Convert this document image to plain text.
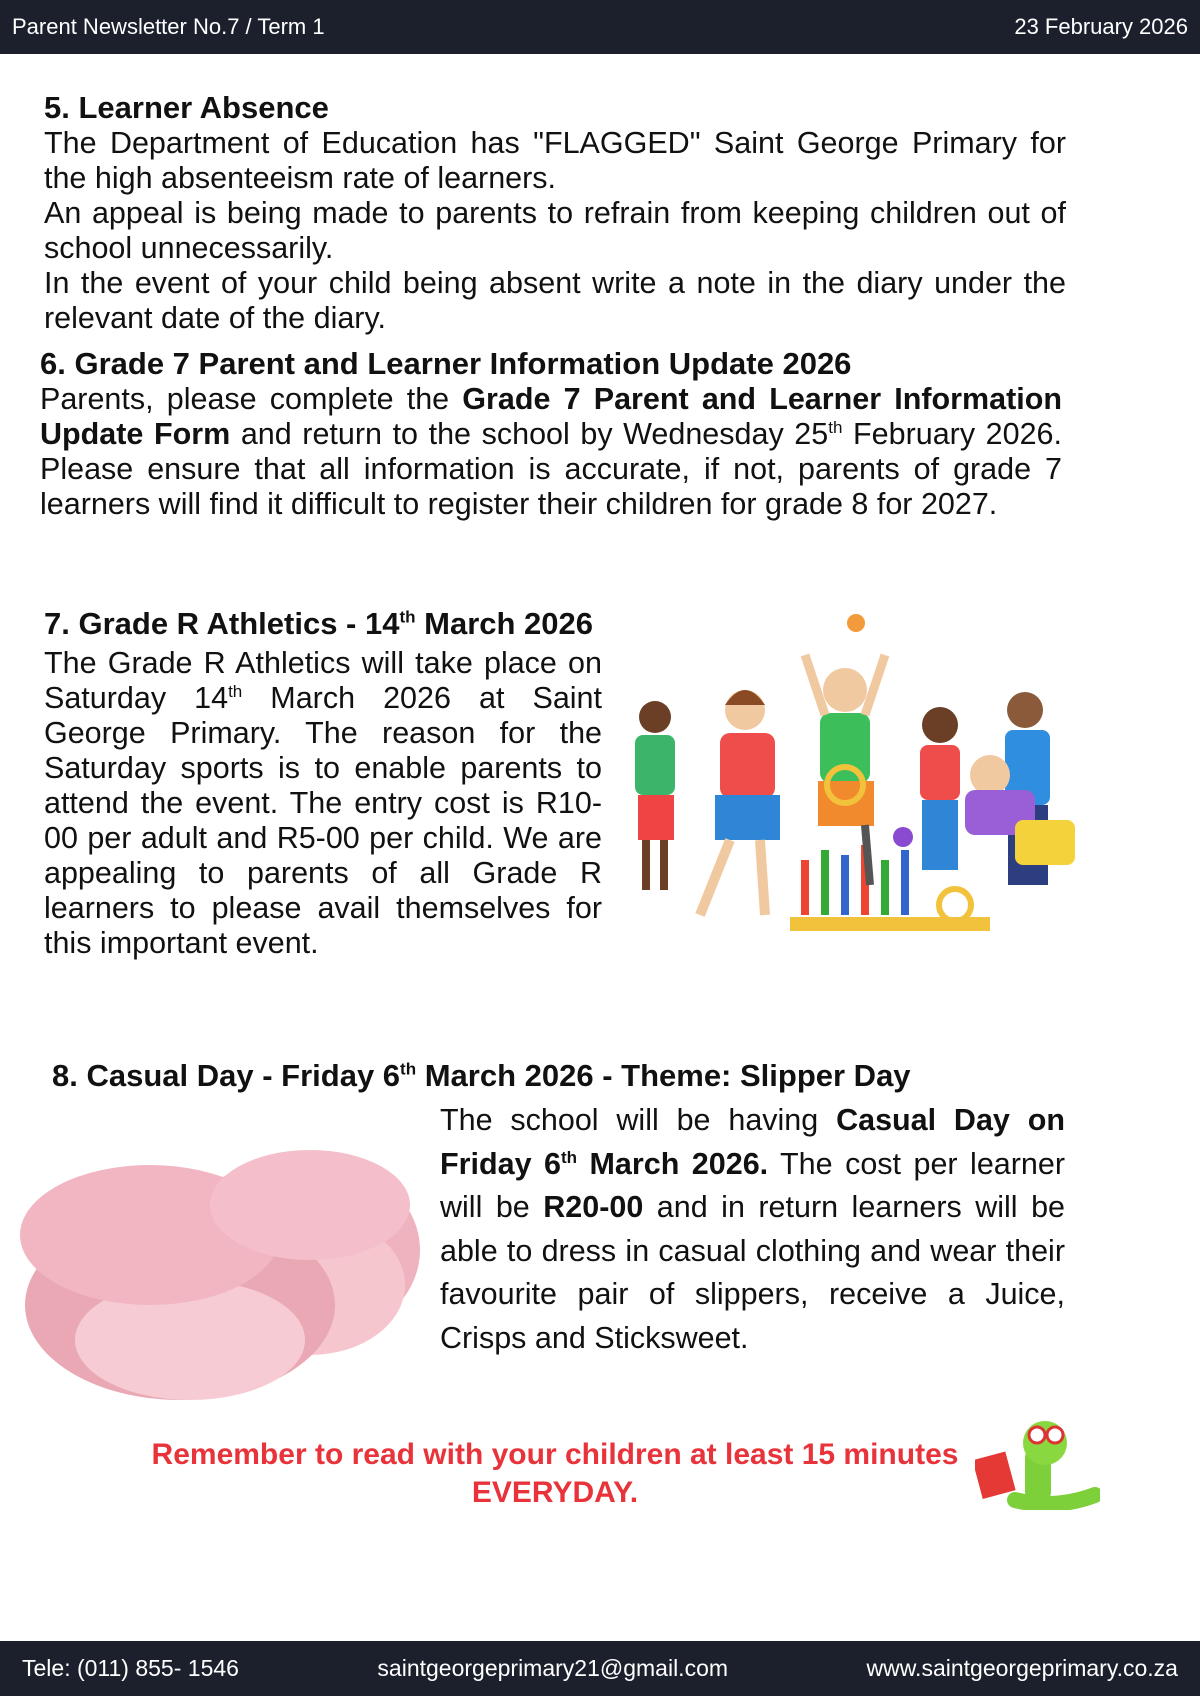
Parent Newsletter No.7 / Term 1	23 February 2026
5. Learner Absence
The Department of Education has "FLAGGED" Saint George Primary for the high absenteeism rate of learners.
An appeal is being made to parents to refrain from keeping children out of school unnecessarily.
In the event of your child being absent write a note in the diary under the relevant date of the diary.
6. Grade 7 Parent and Learner Information Update 2026
Parents, please complete the Grade 7 Parent and Learner Information Update Form and return to the school by Wednesday 25th February 2026. Please ensure that all information is accurate, if not, parents of grade 7 learners will find it difficult to register their children for grade 8 for 2027.
7. Grade R Athletics - 14th March 2026
The Grade R Athletics will take place on Saturday 14th March 2026 at Saint George Primary. The reason for the Saturday sports is to enable parents to attend the event. The entry cost is R10-00 per adult and R5-00 per child. We are appealing to parents of all Grade R learners to please avail themselves for this important event.
8. Casual Day - Friday 6th March 2026 - Theme: Slipper Day
The school will be having Casual Day on Friday 6th March 2026. The cost per learner will be R20-00 and in return learners will be able to dress in casual clothing and wear their favourite pair of slippers, receive a Juice, Crisps and Sticksweet.
Remember to read with your children at least 15 minutes EVERYDAY.
Tele: (011) 855- 1546	saintgeorgeprimary21@gmail.com	www.saintgeorgeprimary.co.za
